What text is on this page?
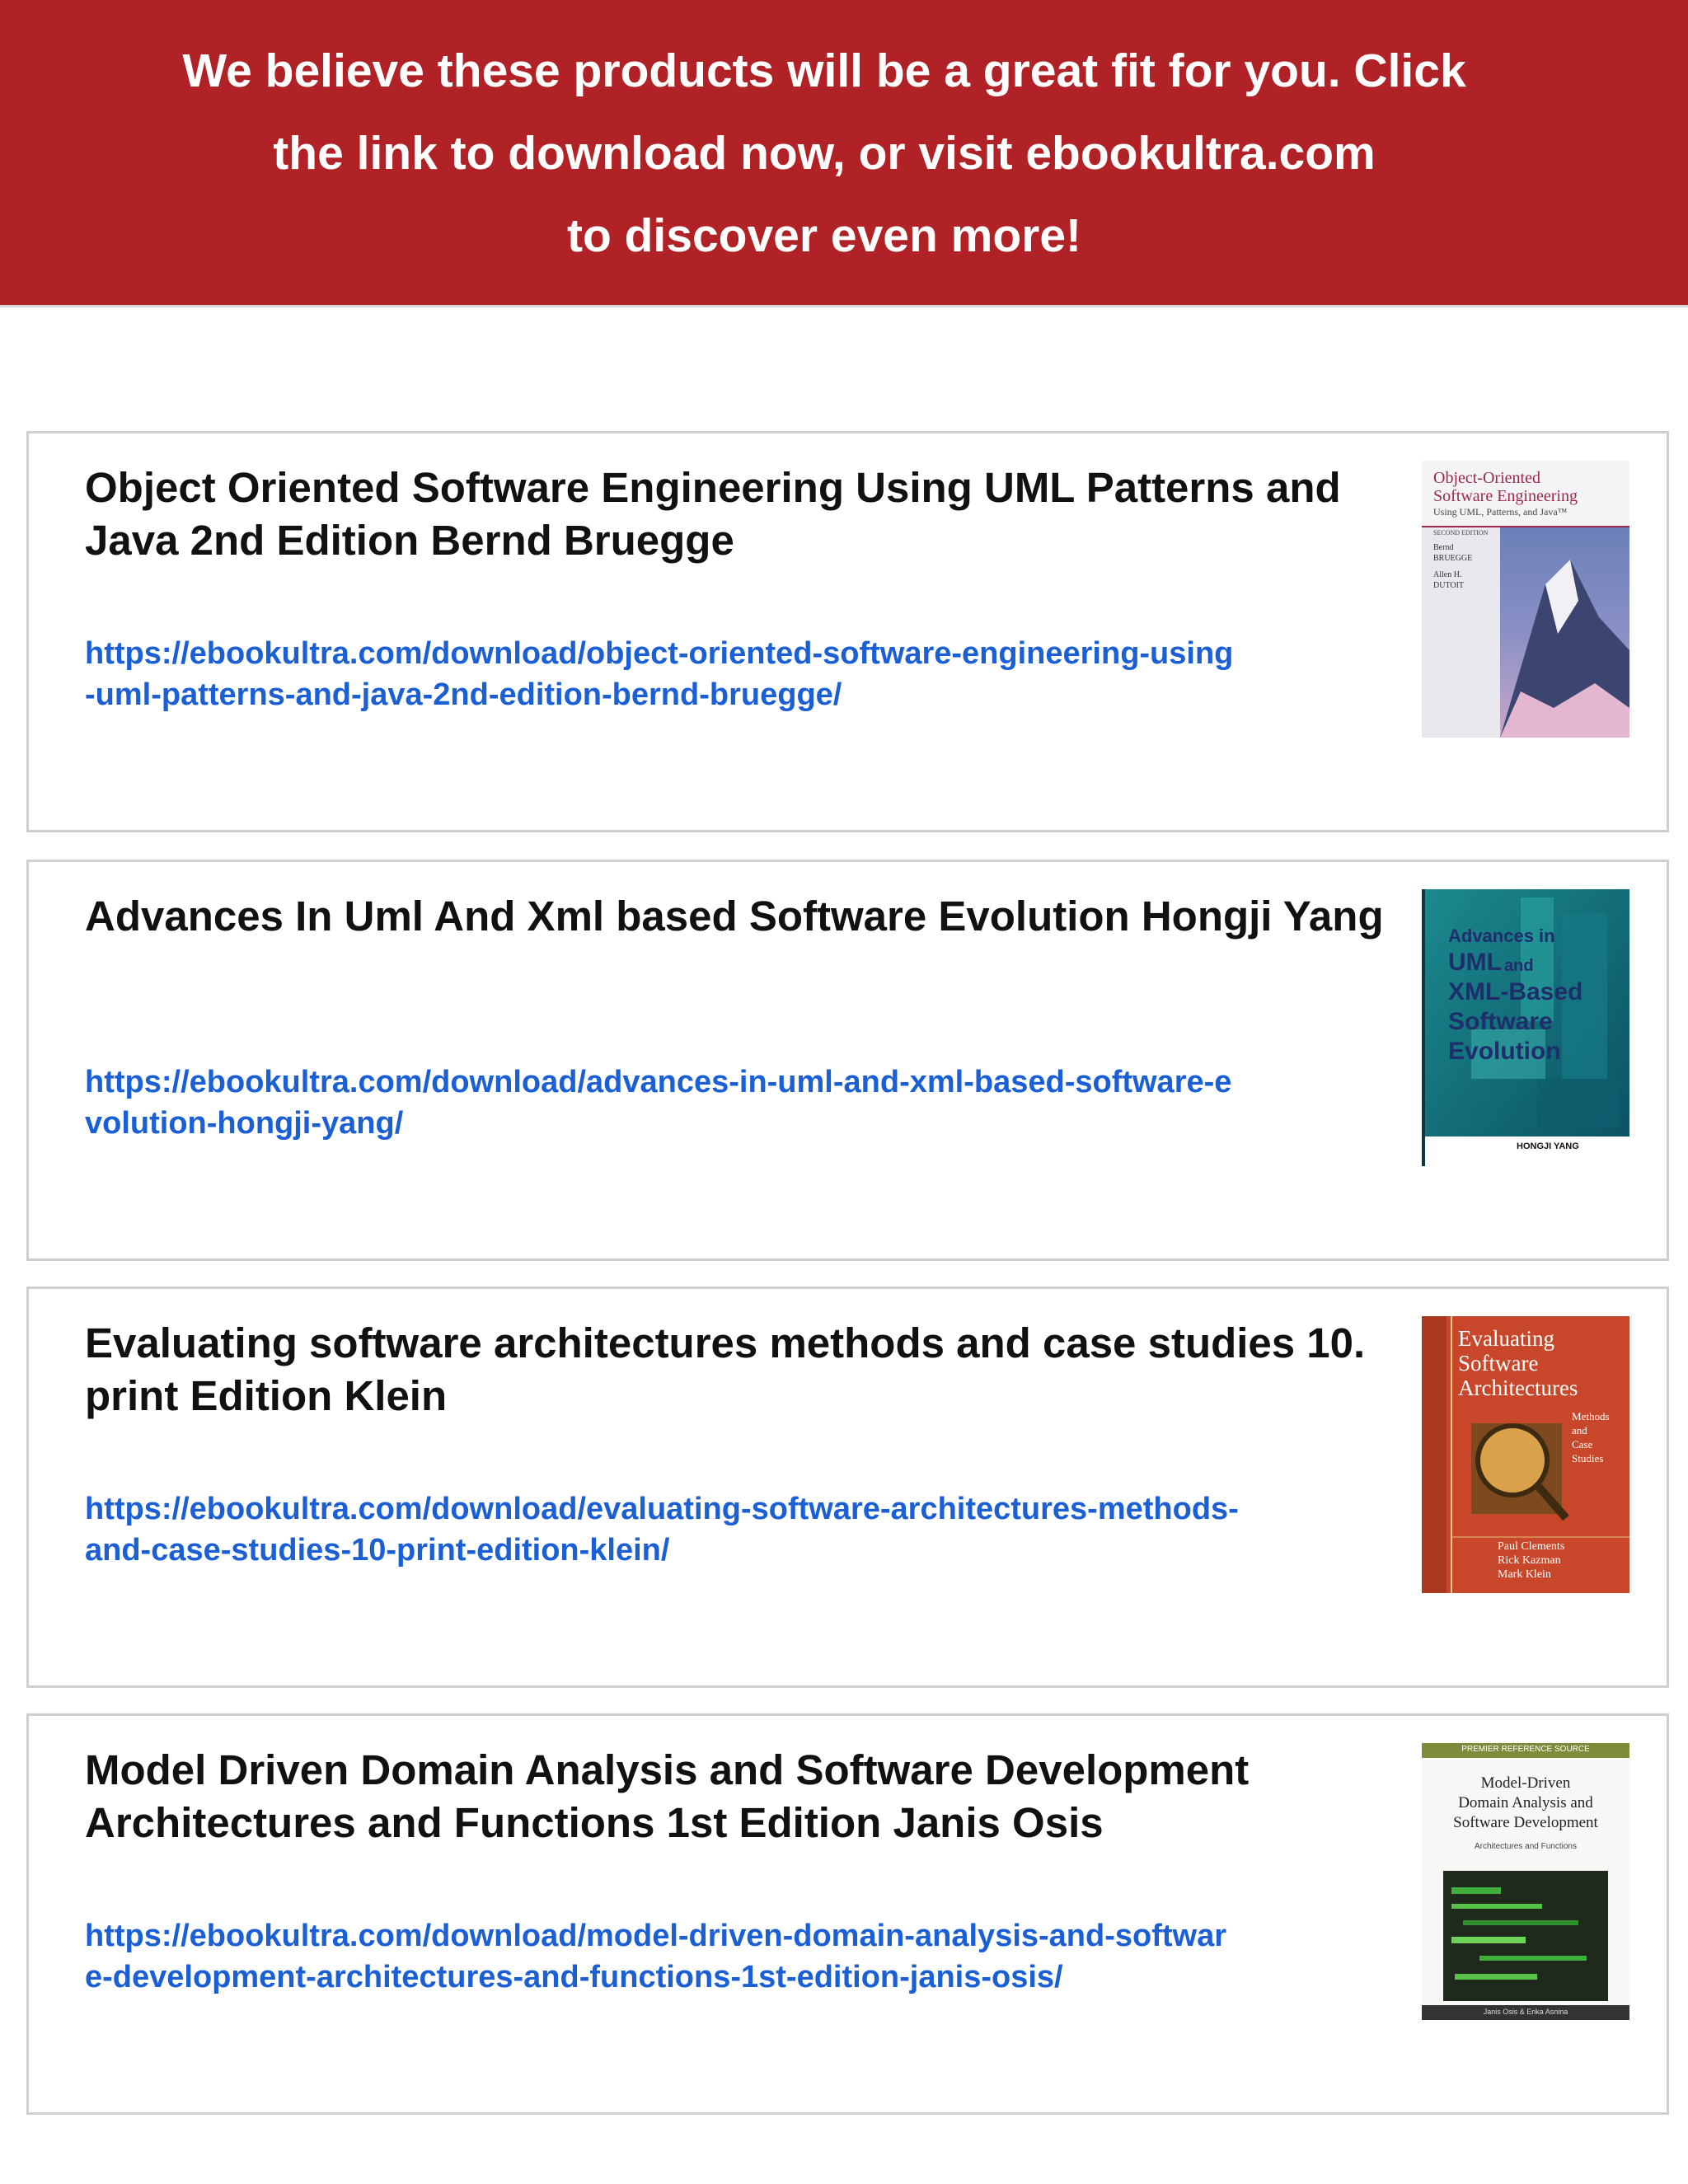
We believe these products will be a great fit for you. Click
the link to download now, or visit ebookultra.com
to discover even more!
Object Oriented Software Engineering Using UML Patterns and Java 2nd Edition Bernd Bruegge
https://ebookultra.com/download/object-oriented-software-engineering-using-uml-patterns-and-java-2nd-edition-bernd-bruegge/

Object-Oriented

Software Engineering

Using UML, Patterns, and Java™

SECOND EDITION

Bernd

BRUEGGE

Allen H.

DUTOIT

Advances In Uml And Xml based Software Evolution Hongji Yang
https://ebookultra.com/download/advances-in-uml-and-xml-based-software-evolution-hongji-yang/

Advances in

UML and

XML-Based

Software

Evolution

HONGJI YANG

Evaluating software architectures methods and case studies 10. print Edition Klein
https://ebookultra.com/download/evaluating-software-architectures-methods-and-case-studies-10-print-edition-klein/

Evaluating

Software

Architectures

Methods

and

Case

Studies

Paul Clements

Rick Kazman

Mark Klein

Model Driven Domain Analysis and Software Development Architectures and Functions 1st Edition Janis Osis
https://ebookultra.com/download/model-driven-domain-analysis-and-software-development-architectures-and-functions-1st-edition-janis-osis/

PREMIER REFERENCE SOURCE

Model-Driven

Domain Analysis and

Software Development

Architectures and Functions

Janis Osis & Erika Asnina
